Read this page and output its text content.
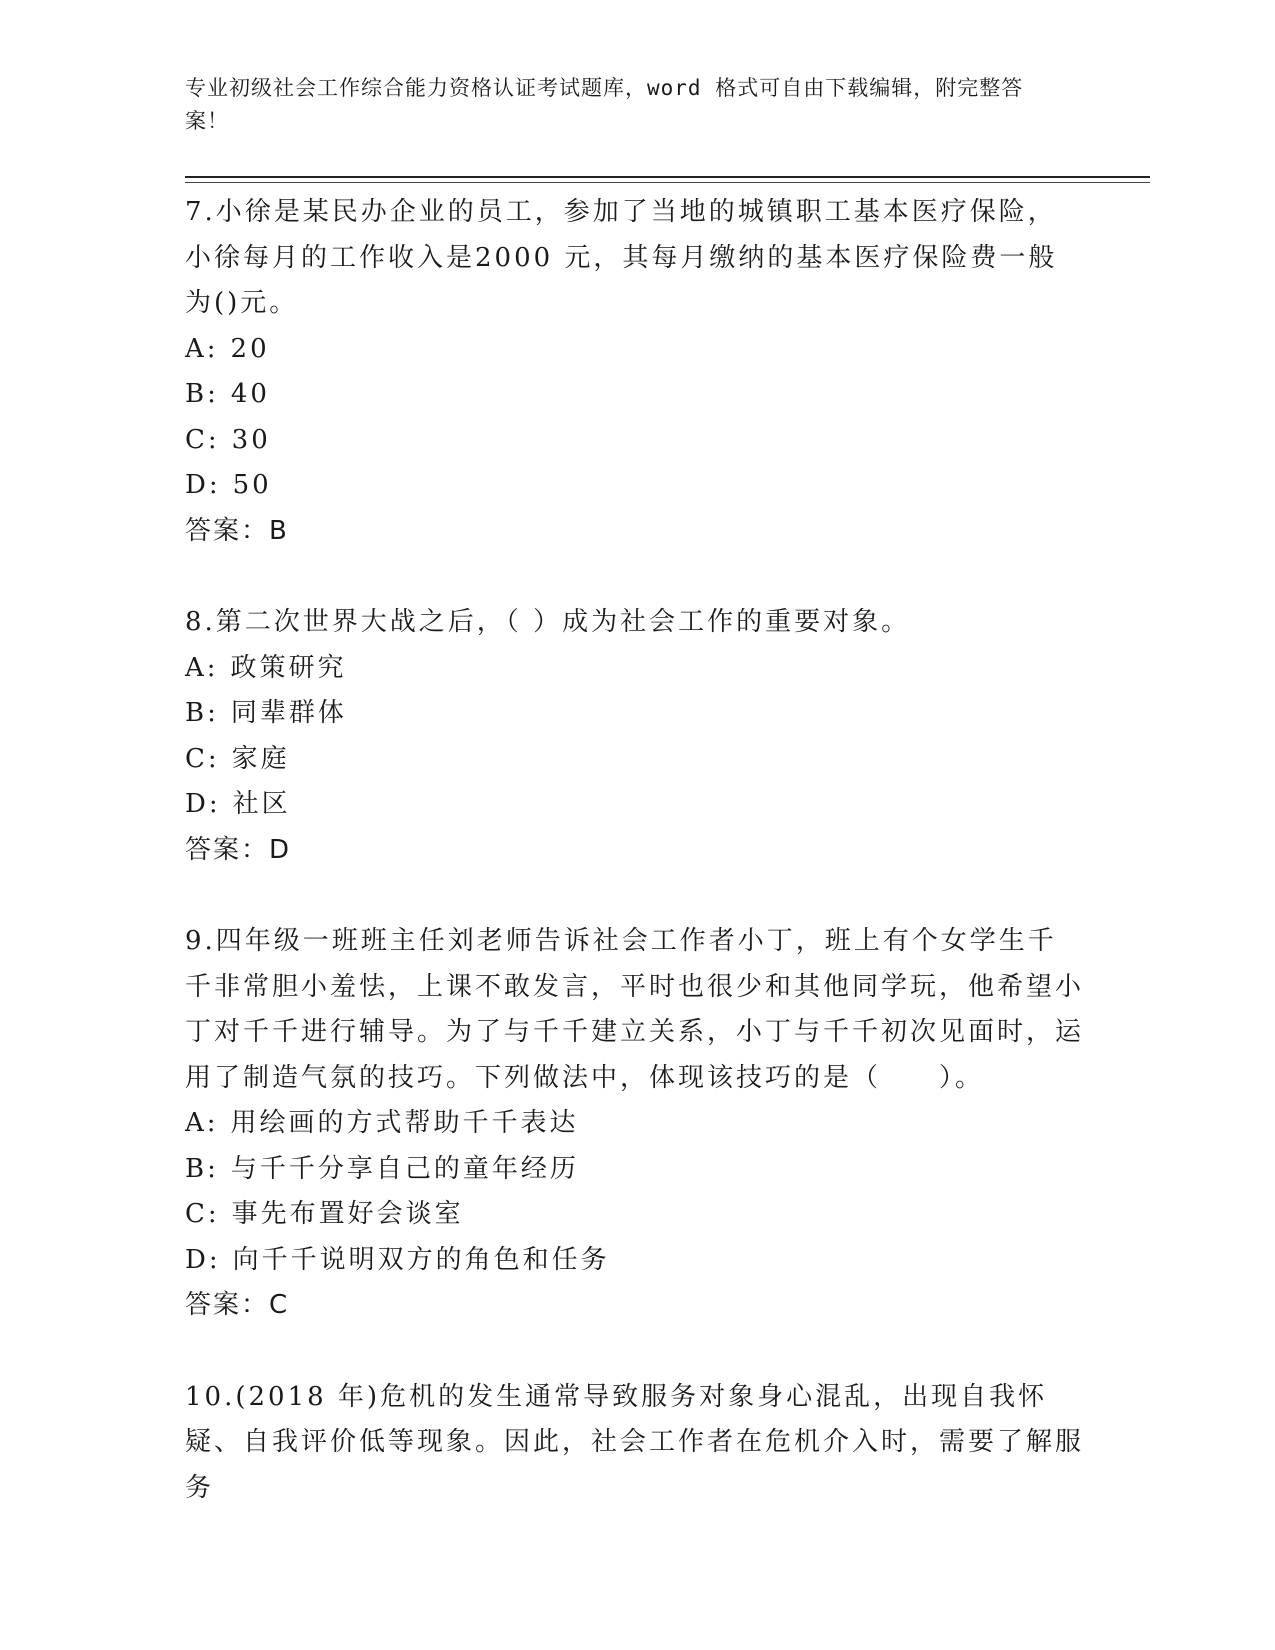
专业初级社会工作综合能力资格认证考试题库，word 格式可自由下载编辑，附完整答案！

7.小徐是某民办企业的员工，参加了当地的城镇职工基本医疗保险，小徐每月的工作收入是2000 元，其每月缴纳的基本医疗保险费一般为()元。

A: 20

B: 40

C: 30

D: 50

答案：B

8.第二次世界大战之后，（ ）成为社会工作的重要对象。

A: 政策研究

B: 同辈群体

C: 家庭

D: 社区

答案：D

9.四年级一班班主任刘老师告诉社会工作者小丁，班上有个女学生千千非常胆小羞怯，上课不敢发言，平时也很少和其他同学玩，他希望小丁对千千进行辅导。为了与千千建立关系，小丁与千千初次见面时，运用了制造气氛的技巧。下列做法中，体现该技巧的是（　　）。

A: 用绘画的方式帮助千千表达

B: 与千千分享自己的童年经历

C: 事先布置好会谈室

D: 向千千说明双方的角色和任务

答案：C

10.(2018 年)危机的发生通常导致服务对象身心混乱，出现自我怀疑、自我评价低等现象。因此，社会工作者在危机介入时，需要了解服务
